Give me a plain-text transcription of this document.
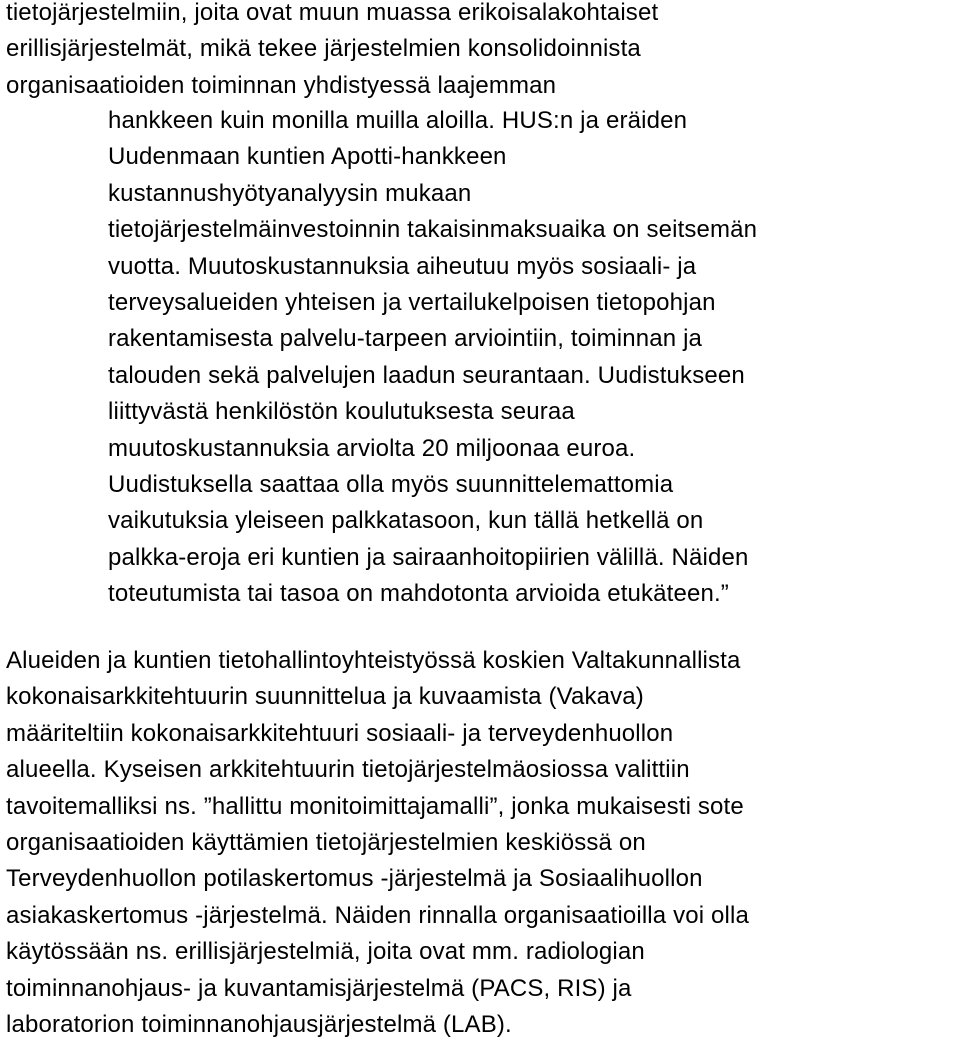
tietojärjestelmiin, joita ovat muun muassa erikoisalakohtaiset
erillisjärjestelmät, mikä tekee järjestelmien konsolidoinnista
organisaatioiden toiminnan yhdistyessä laajemman
hankkeen kuin monilla muilla aloilla. HUS:n ja eräiden
Uudenmaan kuntien Apotti-hankkeen
kustannushyötyanalyysin mukaan
tietojärjestelmäinvestoinnin takaisinmaksuaika on seitsemän
vuotta. Muutoskustannuksia aiheutuu myös sosiaali- ja
terveysalueiden yhteisen ja vertailukelpoisen tietopohjan
rakentamisesta palvelu-tarpeen arviointiin, toiminnan ja
talouden sekä palvelujen laadun seurantaan. Uudistukseen
liittyvästä henkilöstön koulutuksesta seuraa
muutoskustannuksia arviolta 20 miljoonaa euroa.
Uudistuksella saattaa olla myös suunnittelemattomia
vaikutuksia yleiseen palkkatasoon, kun tällä hetkellä on
palkka-eroja eri kuntien ja sairaanhoitopiirien välillä. Näiden
toteutumista tai tasoa on mahdotonta arvioida etukäteen.”
Alueiden ja kuntien tietohallintoyhteistyössä koskien Valtakunnallista
kokonaisarkkitehtuurin suunnittelua ja kuvaamista (Vakava)
määriteltiin kokonaisarkkitehtuuri sosiaali- ja terveydenhuollon
alueella. Kyseisen arkkitehtuurin tietojärjestelmäosiossa valittiin
tavoitemalliksi ns. ”hallittu monitoimittajamalli”, jonka mukaisesti sote
organisaatioiden käyttämien tietojärjestelmien keskiössä on
Terveydenhuollon potilaskertomus -järjestelmä ja Sosiaalihuollon
asiakaskertomus -järjestelmä. Näiden rinnalla organisaatioilla voi olla
käytössään ns. erillisjärjestelmiä, joita ovat mm. radiologian
toiminnanohjaus- ja kuvantamisjärjestelmä (PACS, RIS) ja
laboratorion toiminnanohjausjärjestelmä (LAB).
